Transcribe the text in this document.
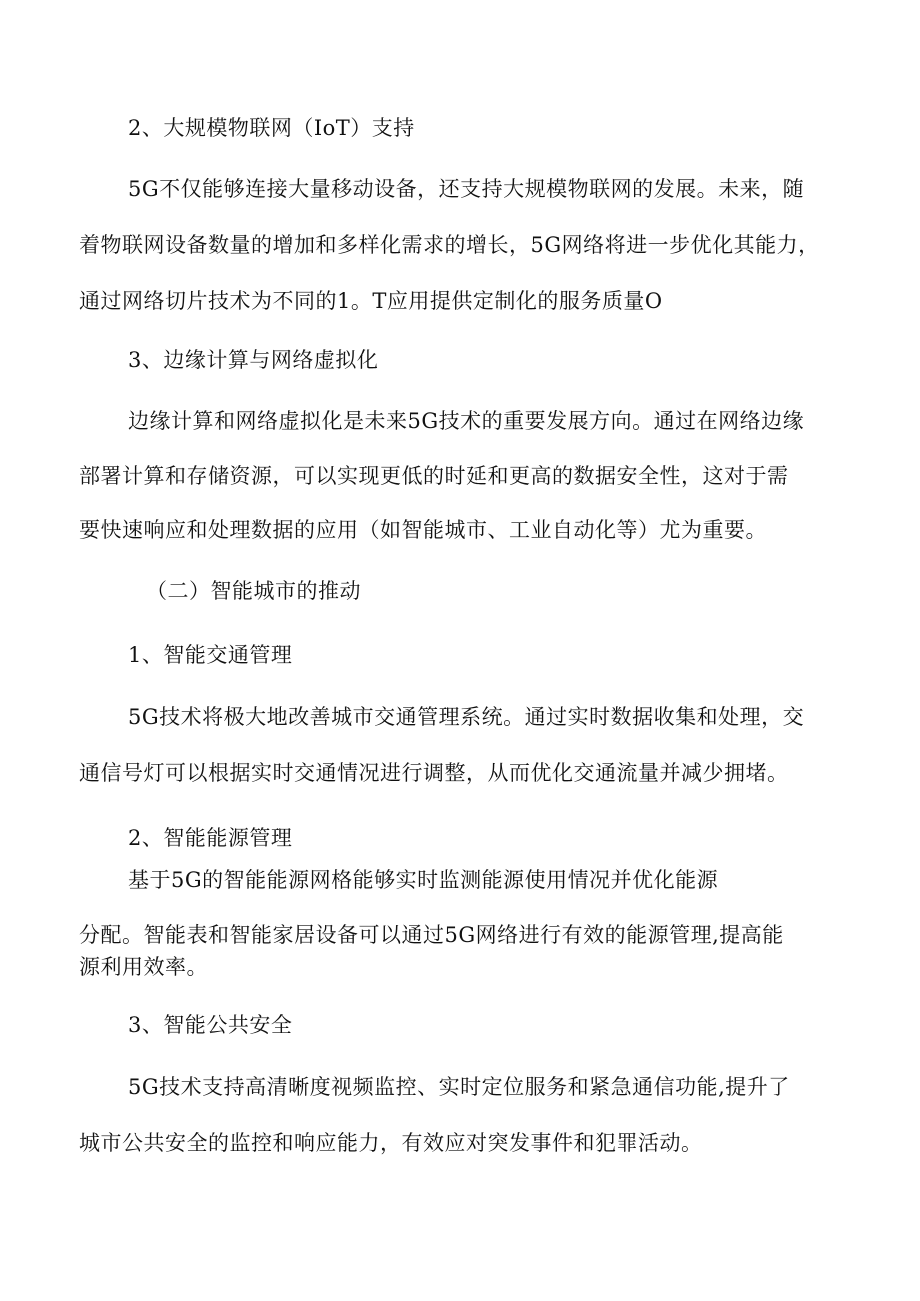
2、大规模物联网（IoT）支持
5G不仅能够连接大量移动设备，还支持大规模物联网的发展。未来，随
着物联网设备数量的增加和多样化需求的增长，5G网络将进一步优化其能力，
通过网络切片技术为不同的1。T应用提供定制化的服务质量O
3、边缘计算与网络虚拟化
边缘计算和网络虚拟化是未来5G技术的重要发展方向。通过在网络边缘
部署计算和存储资源，可以实现更低的时延和更高的数据安全性，这对于需
要快速响应和处理数据的应用（如智能城市、工业自动化等）尤为重要。
（二）智能城市的推动
1、智能交通管理
5G技术将极大地改善城市交通管理系统。通过实时数据收集和处理，交
通信号灯可以根据实时交通情况进行调整，从而优化交通流量并减少拥堵。
2、智能能源管理
基于5G的智能能源网格能够实时监测能源使用情况并优化能源
分配。智能表和智能家居设备可以通过5G网络进行有效的能源管理,提高能
源利用效率。
3、智能公共安全
5G技术支持高清晰度视频监控、实时定位服务和紧急通信功能,提升了
城市公共安全的监控和响应能力，有效应对突发事件和犯罪活动。
